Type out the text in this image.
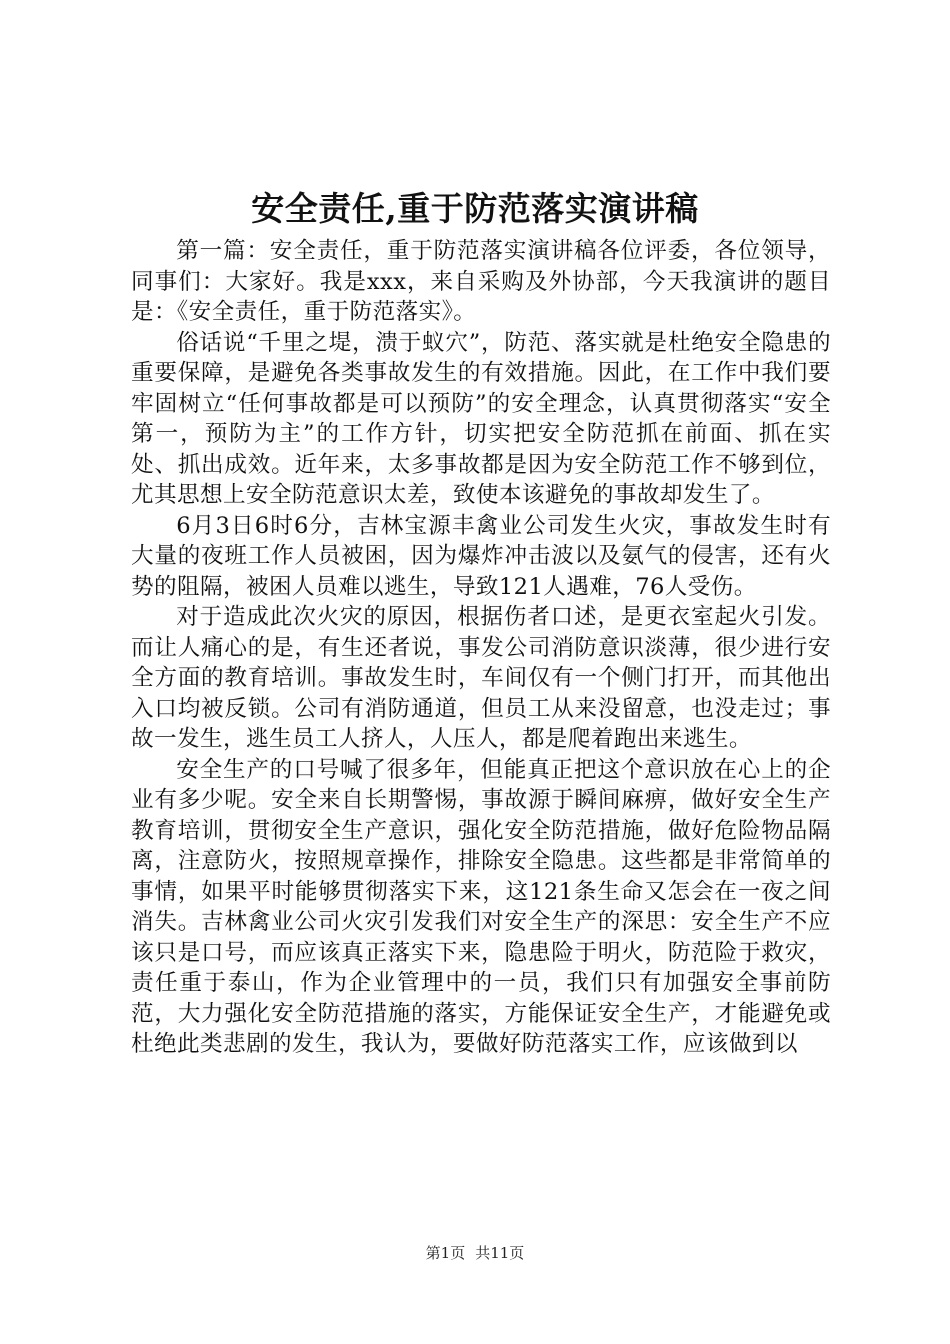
安全责任,重于防范落实演讲稿

第一篇：安全责任，重于防范落实演讲稿各位评委，各位领导，同事们：大家好。我是xxx，来自采购及外协部，今天我演讲的题目是：《安全责任，重于防范落实》。

俗话说“千里之堤，溃于蚁穴”，防范、落实就是杜绝安全隐患的重要保障，是避免各类事故发生的有效措施。因此，在工作中我们要牢固树立“任何事故都是可以预防”的安全理念，认真贯彻落实“安全第一，预防为主”的工作方针，切实把安全防范抓在前面、抓在实处、抓出成效。近年来，太多事故都是因为安全防范工作不够到位，尤其思想上安全防范意识太差，致使本该避免的事故却发生了。

6月3日6时6分，吉林宝源丰禽业公司发生火灾，事故发生时有大量的夜班工作人员被困，因为爆炸冲击波以及氨气的侵害，还有火势的阻隔，被困人员难以逃生，导致121人遇难，76人受伤。

对于造成此次火灾的原因，根据伤者口述，是更衣室起火引发。而让人痛心的是，有生还者说，事发公司消防意识淡薄，很少进行安全方面的教育培训。事故发生时，车间仅有一个侧门打开，而其他出入口均被反锁。公司有消防通道，但员工从来没留意，也没走过；事故一发生，逃生员工人挤人，人压人，都是爬着跑出来逃生。

安全生产的口号喊了很多年，但能真正把这个意识放在心上的企业有多少呢。安全来自长期警惕，事故源于瞬间麻痹，做好安全生产教育培训，贯彻安全生产意识，强化安全防范措施，做好危险物品隔离，注意防火，按照规章操作，排除安全隐患。这些都是非常简单的事情，如果平时能够贯彻落实下来，这121条生命又怎会在一夜之间消失。吉林禽业公司火灾引发我们对安全生产的深思：安全生产不应该只是口号，而应该真正落实下来，隐患险于明火，防范险于救灾，责任重于泰山，作为企业管理中的一员，我们只有加强安全事前防范，大力强化安全防范措施的落实，方能保证安全生产，才能避免或杜绝此类悲剧的发生，我认为，要做好防范落实工作，应该做到以

第1页 共11页
